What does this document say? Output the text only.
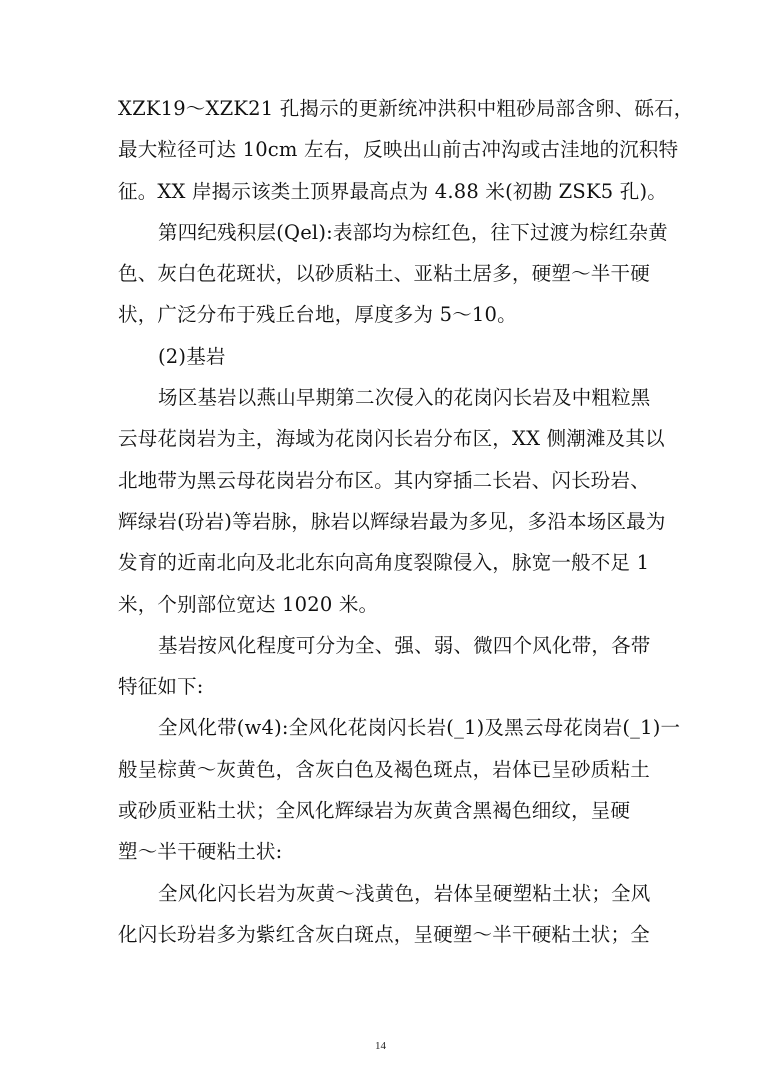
XZK19～XZK21 孔揭示的更新统冲洪积中粗砂局部含卵、砾石，
最大粒径可达 10cm 左右，反映出山前古冲沟或古洼地的沉积特
征。XX 岸揭示该类土顶界最高点为 4.88 米(初勘 ZSK5 孔)。
第四纪残积层(Qel):表部均为棕红色，往下过渡为棕红杂黄
色、灰白色花斑状，以砂质粘土、亚粘土居多，硬塑～半干硬
状，广泛分布于残丘台地，厚度多为 5～10。
(2)基岩
场区基岩以燕山早期第二次侵入的花岗闪长岩及中粗粒黑
云母花岗岩为主，海域为花岗闪长岩分布区，XX 侧潮滩及其以
北地带为黑云母花岗岩分布区。其内穿插二长岩、闪长玢岩、
辉绿岩(玢岩)等岩脉，脉岩以辉绿岩最为多见，多沿本场区最为
发育的近南北向及北北东向高角度裂隙侵入，脉宽一般不足 1
米，个别部位宽达 1020 米。
基岩按风化程度可分为全、强、弱、微四个风化带，各带
特征如下:
全风化带(w4):全风化花岗闪长岩(_1)及黑云母花岗岩(_1)一
般呈棕黄～灰黄色，含灰白色及褐色斑点，岩体已呈砂质粘土
或砂质亚粘土状；全风化辉绿岩为灰黄含黑褐色细纹，呈硬
塑～半干硬粘土状:
全风化闪长岩为灰黄～浅黄色，岩体呈硬塑粘土状；全风
化闪长玢岩多为紫红含灰白斑点，呈硬塑～半干硬粘土状；全
14
